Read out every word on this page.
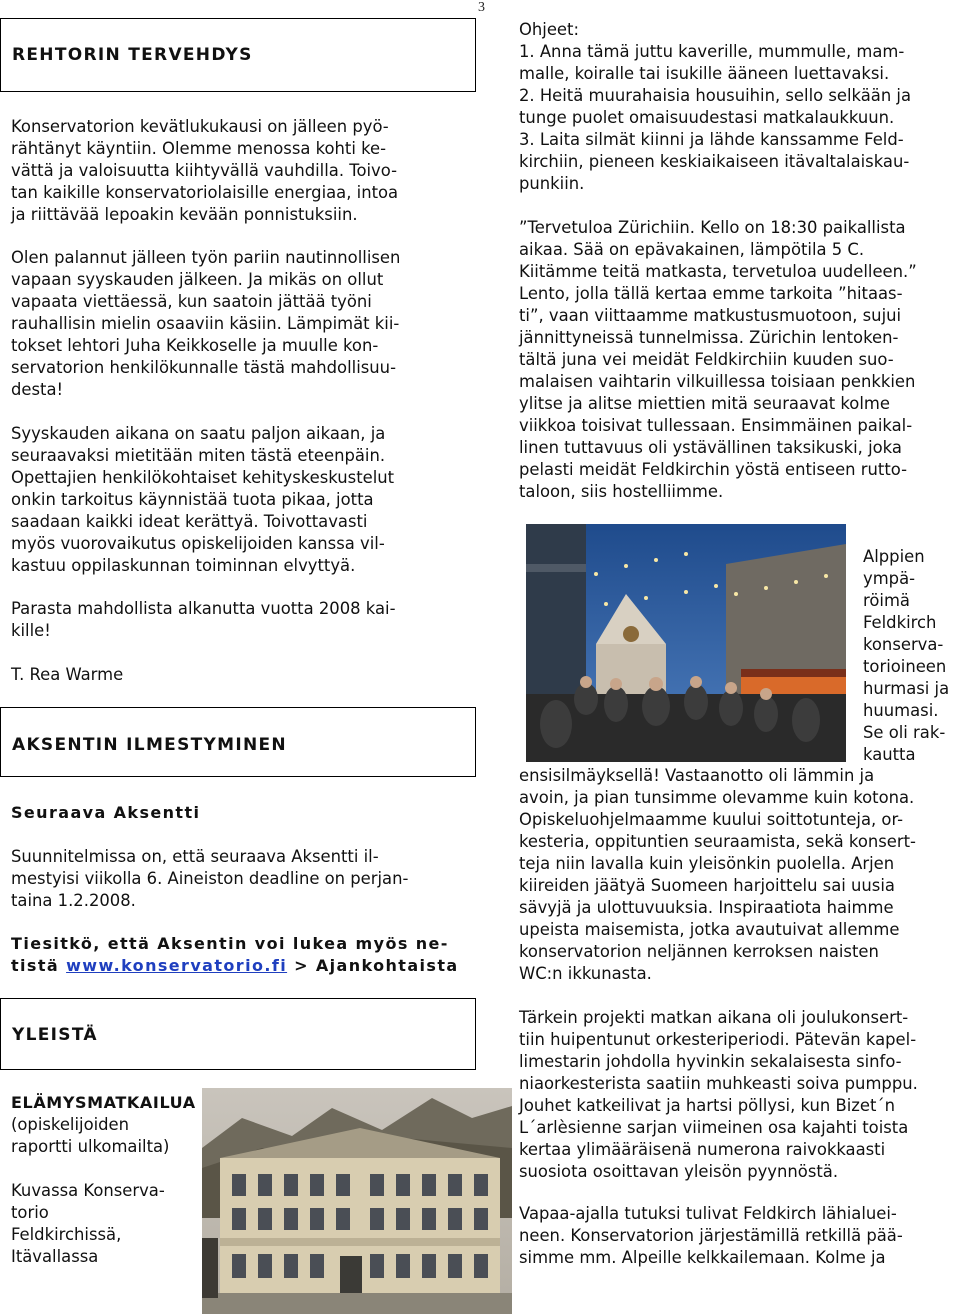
3
REHTORIN TERVEHDYS
Konservatorion kevätlukukausi on jälleen pyö-
rähtänyt käyntiin. Olemme menossa kohti ke-
vättä ja valoisuutta kiihtyvällä vauhdilla. Toivo-
tan kaikille konservatoriolaisille energiaa, intoa
ja riittävää lepoakin kevään ponnistuksiin.
Olen palannut jälleen työn pariin nautinnollisen
vapaan syyskauden jälkeen. Ja mikäs on ollut
vapaata viettäessä, kun saatoin jättää työni
rauhallisin mielin osaaviin käsiin. Lämpimät kii-
tokset lehtori Juha Keikkoselle ja muulle kon-
servatorion henkilökunnalle tästä mahdollisuu-
desta!
Syyskauden aikana on saatu paljon aikaan, ja
seuraavaksi mietitään miten tästä eteenpäin.
Opettajien henkilökohtaiset kehityskeskustelut
onkin tarkoitus käynnistää tuota pikaa, jotta
saadaan kaikki ideat kerättyä. Toivottavasti
myös vuorovaikutus opiskelijoiden kanssa vil-
kastuu oppilaskunnan toiminnan elvyttyä.
Parasta mahdollista alkanutta vuotta 2008 kai-
kille!
T. Rea Warme
AKSENTIN ILMESTYMINEN
Seuraava Aksentti
Suunnitelmissa on, että seuraava Aksentti il-
mestyisi viikolla 6. Aineiston deadline on perjan-
taina 1.2.2008.
Tiesitkö, että Aksentin voi lukea myös ne-
tistä www.konservatorio.fi > Ajankohtaista
YLEISTÄ
ELÄMYSMATKAILUA
(opiskelijoiden
raportti ulkomailta)
Kuvassa Konserva-
torio
Feldkirchissä,
Itävallassa
Ohjeet:
1. Anna tämä juttu kaverille, mummulle, mam-
malle, koiralle tai isukille ääneen luettavaksi.
2. Heitä muurahaisia housuihin, sello selkään ja
tunge puolet omaisuudestasi matkalaukkuun.
3. Laita silmät kiinni ja lähde kanssamme Feld-
kirchiin, pieneen keskiaikaiseen itävaltalaiskau-
punkiin.
”Tervetuloa Zürichiin. Kello on 18:30 paikallista
aikaa. Sää on epävakainen, lämpötila 5 C.
Kiitämme teitä matkasta, tervetuloa uudelleen.”
Lento, jolla tällä kertaa emme tarkoita ”hitaas-
ti”, vaan viittaamme matkustusmuotoon, sujui
jännittyneissä tunnelmissa. Zürichin lentoken-
tältä juna vei meidät Feldkirchiin kuuden suo-
malaisen vaihtarin vilkuillessa toisiaan penkkien
ylitse ja alitse miettien mitä seuraavat kolme
viikkoa toisivat tullessaan. Ensimmäinen paikal-
linen tuttavuus oli ystävällinen taksikuski, joka
pelasti meidät Feldkirchin yöstä entiseen rutto-
taloon, siis hostelliimme.
Alppien
ympä-
röimä
Feldkirch
konserva-
torioineen
hurmasi ja
huumasi.
Se oli rak-
kautta
ensisilmäyksellä! Vastaanotto oli lämmin ja
avoin, ja pian tunsimme olevamme kuin kotona.
Opiskeluohjelmaamme kuului soittotunteja, or-
kesteria, oppituntien seuraamista, sekä konsert-
teja niin lavalla kuin yleisönkin puolella. Arjen
kiireiden jäätyä Suomeen harjoittelu sai uusia
sävyjä ja ulottuvuuksia. Inspiraatiota haimme
upeista maisemista, jotka avautuivat allemme
konservatorion neljännen kerroksen naisten
WC:n ikkunasta.
Tärkein projekti matkan aikana oli joulukonsert-
tiin huipentunut orkesteriperiodi. Pätevän kapel-
limestarin johdolla hyvinkin sekalaisesta sinfo-
niaorkesterista saatiin muhkeasti soiva pumppu.
Jouhet katkeilivat ja hartsi pöllysi, kun Bizet´n
L´arlèsienne sarjan viimeinen osa kajahti toista
kertaa ylimääräisenä numerona raivokkaasti
suosiota osoittavan yleisön pyynnöstä.
Vapaa-ajalla tutuksi tulivat Feldkirch lähialuei-
neen. Konservatorion järjestämillä retkillä pää-
simme mm. Alpeille kelkkailemaan. Kolme ja
